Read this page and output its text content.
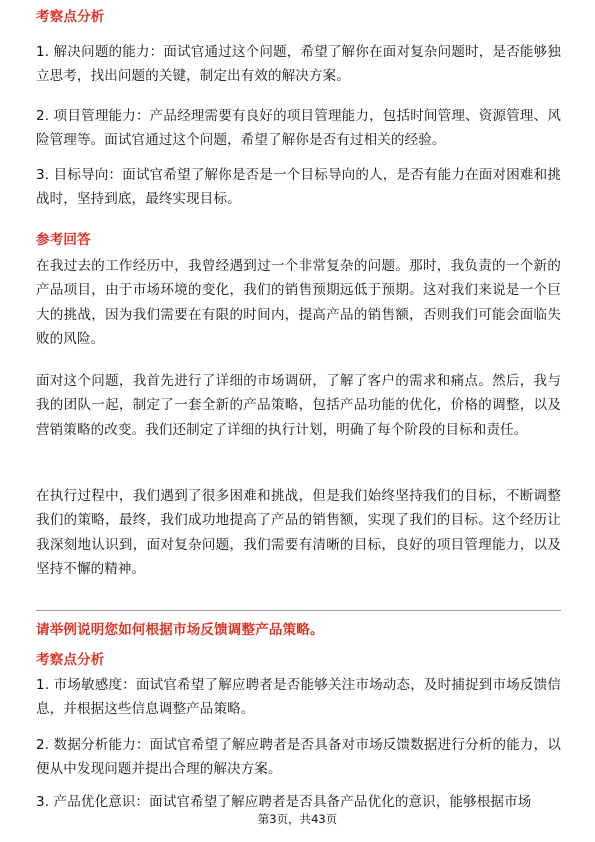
考察点分析

1. 解决问题的能力：面试官通过这个问题，希望了解你在面对复杂问题时，是否能够独立思考，找出问题的关键，制定出有效的解决方案。

2. 项目管理能力：产品经理需要有良好的项目管理能力，包括时间管理、资源管理、风险管理等。面试官通过这个问题，希望了解你是否有过相关的经验。

3. 目标导向：面试官希望了解你是否是一个目标导向的人，是否有能力在面对困难和挑战时，坚持到底，最终实现目标。

参考回答

在我过去的工作经历中，我曾经遇到过一个非常复杂的问题。那时，我负责的一个新的产品项目，由于市场环境的变化，我们的销售预期远低于预期。这对我们来说是一个巨大的挑战，因为我们需要在有限的时间内，提高产品的销售额，否则我们可能会面临失败的风险。

面对这个问题，我首先进行了详细的市场调研，了解了客户的需求和痛点。然后，我与我的团队一起，制定了一套全新的产品策略，包括产品功能的优化，价格的调整，以及营销策略的改变。我们还制定了详细的执行计划，明确了每个阶段的目标和责任。

在执行过程中，我们遇到了很多困难和挑战，但是我们始终坚持我们的目标，不断调整我们的策略，最终，我们成功地提高了产品的销售额，实现了我们的目标。这个经历让我深刻地认识到，面对复杂问题，我们需要有清晰的目标，良好的项目管理能力，以及坚持不懈的精神。

请举例说明您如何根据市场反馈调整产品策略。
考察点分析

1. 市场敏感度：面试官希望了解应聘者是否能够关注市场动态，及时捕捉到市场反馈信息，并根据这些信息调整产品策略。

2. 数据分析能力：面试官希望了解应聘者是否具备对市场反馈数据进行分析的能力，以便从中发现问题并提出合理的解决方案。

3. 产品优化意识：面试官希望了解应聘者是否具备产品优化的意识，能够根据市场

第3页，共43页
